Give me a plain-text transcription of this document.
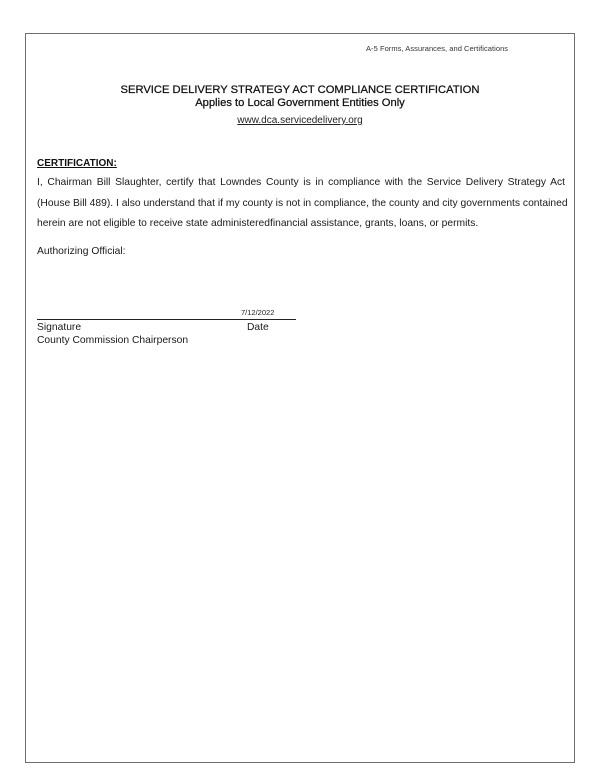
A-5 Forms, Assurances, and Certifications
SERVICE DELIVERY STRATEGY ACT COMPLIANCE CERTIFICATION
Applies to Local Government Entities Only
www.dca.servicedelivery.org
CERTIFICATION:
I, Chairman Bill Slaughter, certify that Lowndes County is in compliance with the Service Delivery Strategy Act
(House Bill 489). I also understand that if my county is not in compliance, the county and city governments contained
herein are not eligible to receive state administeredfinancial assistance, grants, loans, or permits.
Authorizing Official:
7/12/2022
Signature	Date
County Commission Chairperson
